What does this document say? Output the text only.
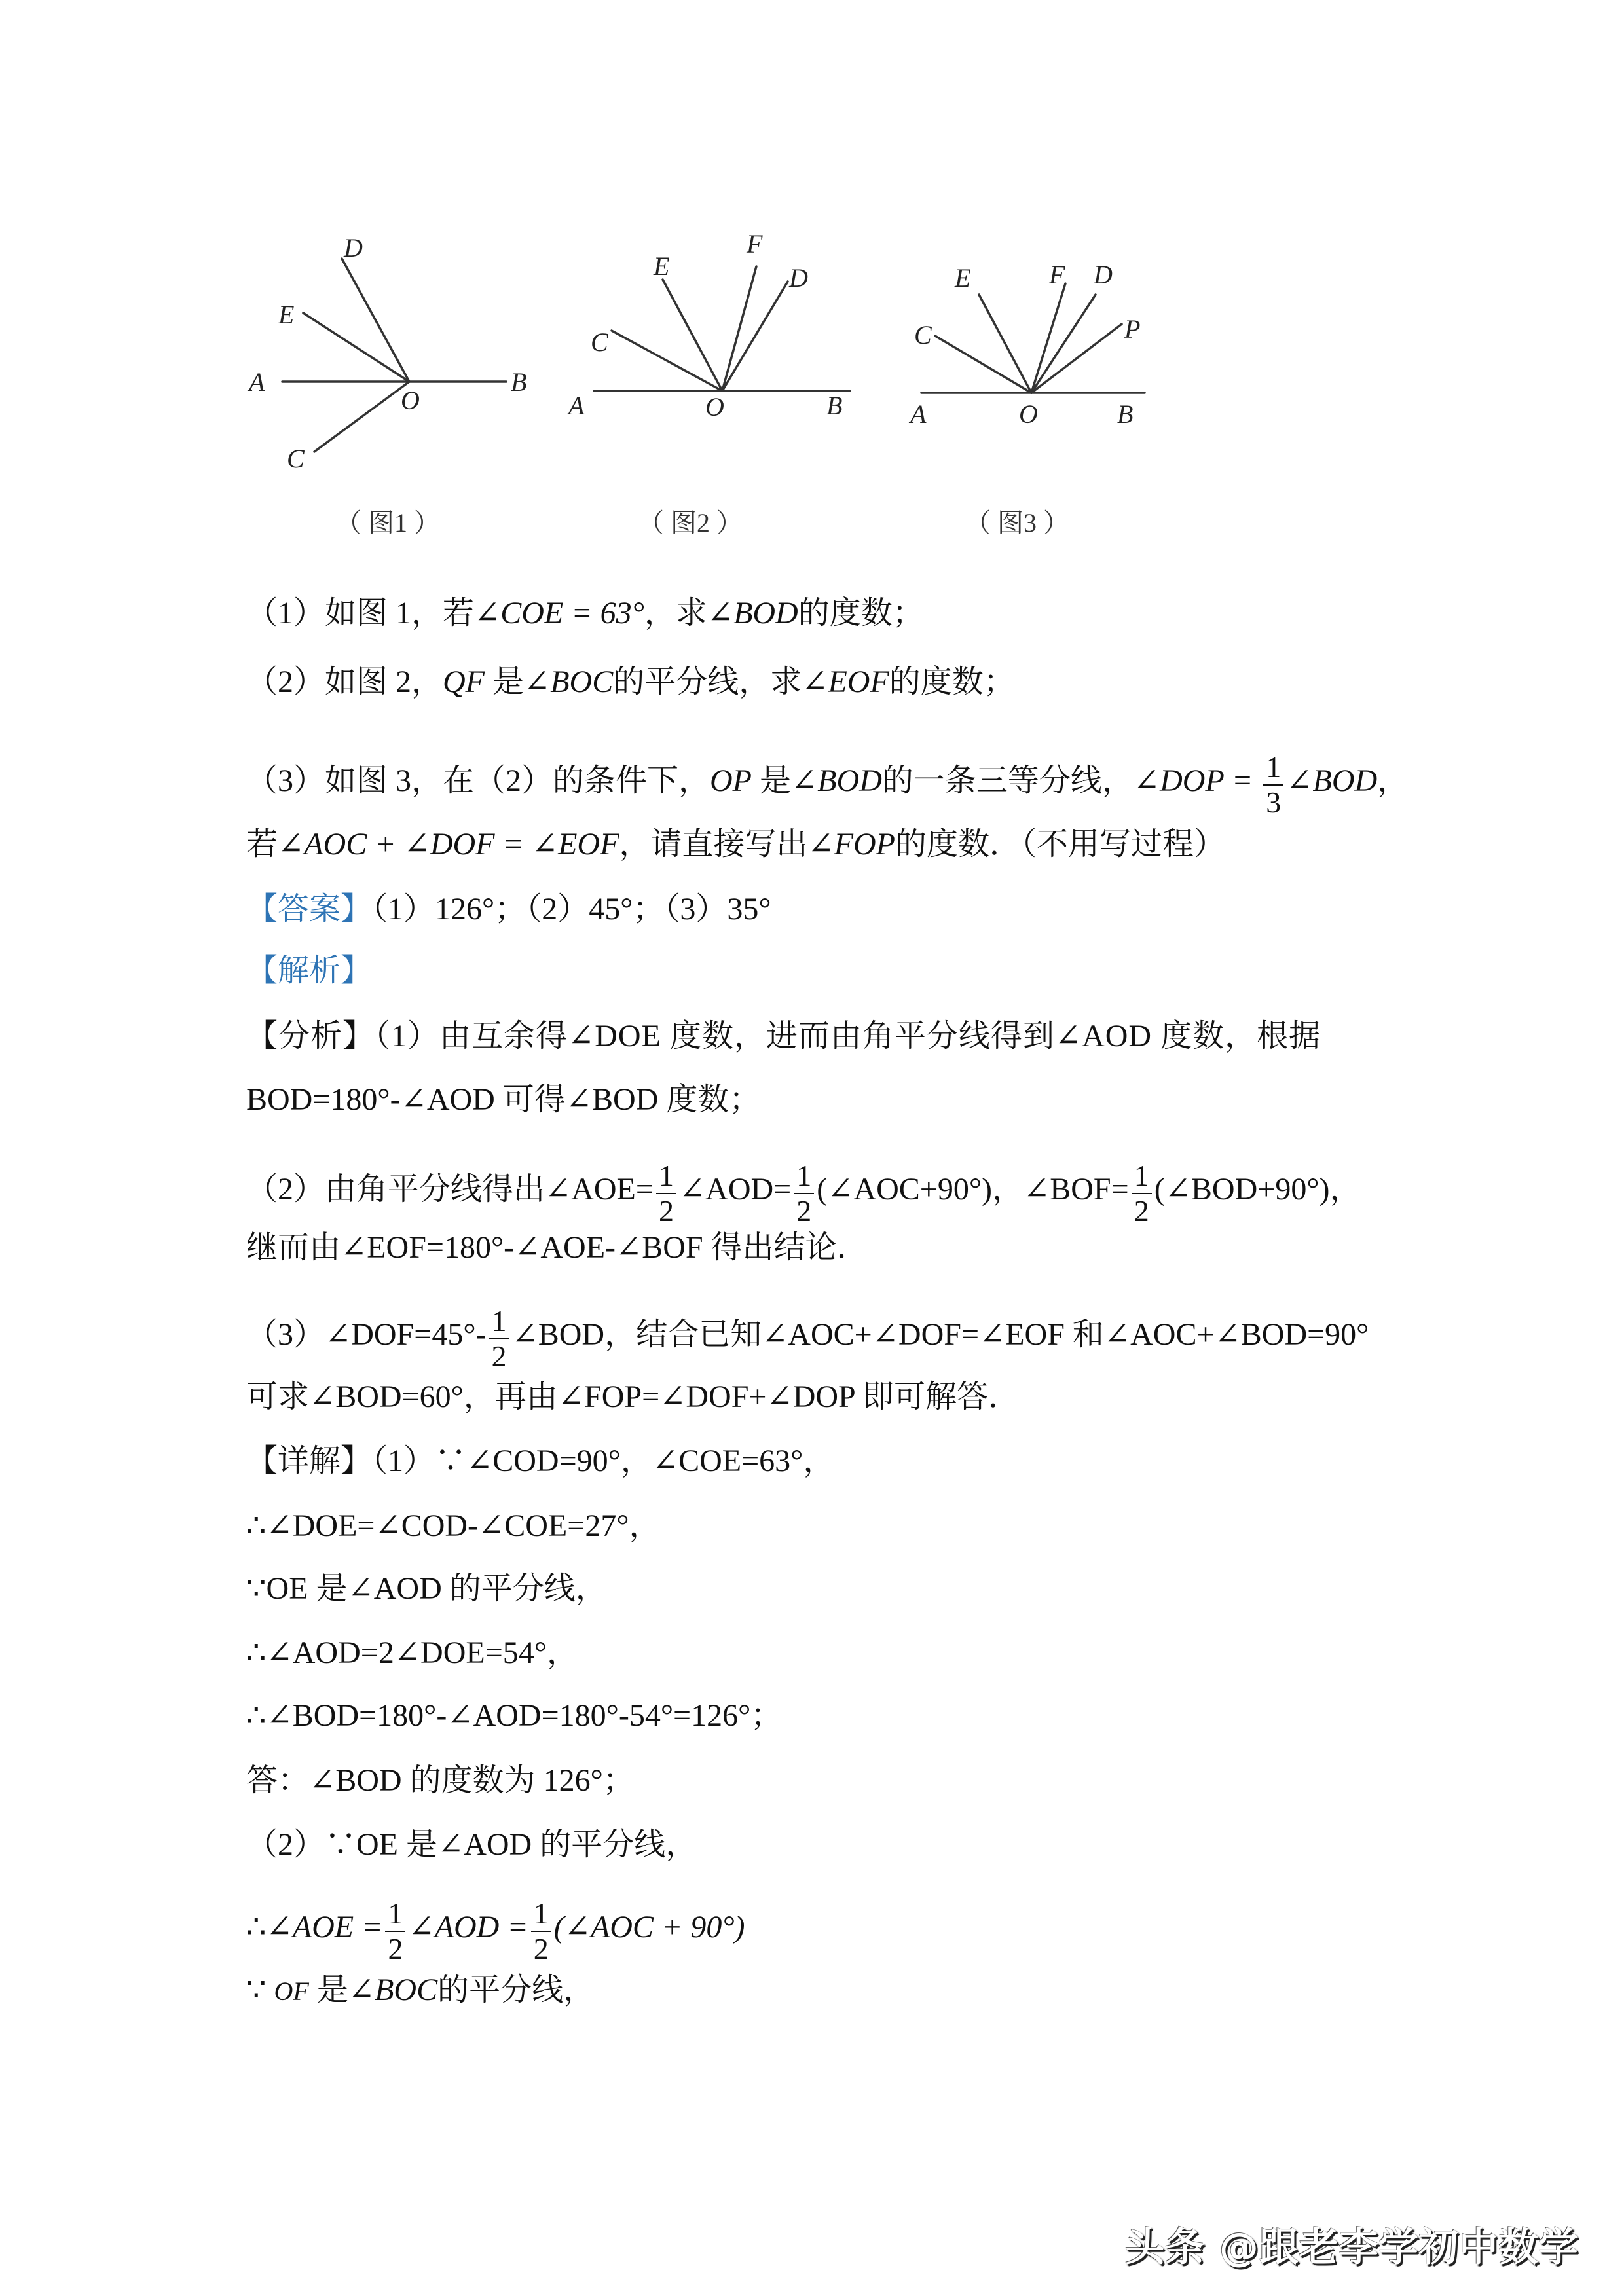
D
E
A	B
O
C
（ 图1 ）
E
F
D
C
A	O	B
（ 图2 ）
E	F D
C	P
A	O	B
（ 图3 ）
（1）如图 1，若∠COE = 63°，求∠BOD的度数；
（2）如图 2，QF 是∠BOC的平分线，求∠EOF的度数；
（3）如图 3，在（2）的条件下，OP 是∠BOD的一条三等分线，∠DOP = $\frac{1}{3}$ ∠BOD，
若∠AOC + ∠DOF = ∠EOF，请直接写出∠FOP的度数．（不用写过程）
【答案】（1）126°；（2）45°；（3）35°
【解析】
【分析】（1）由互余得∠DOE 度数，进而由角平分线得到∠AOD 度数，根据
BOD=180°-∠AOD 可得∠BOD 度数；
（2）由角平分线得出∠AOE= $\frac{1}{2}$ ∠AOD= $\frac{1}{2}$ (∠AOC+90°)，∠BOF= $\frac{1}{2}$ (∠BOD+90°)，
继而由∠EOF=180°-∠AOE-∠BOF 得出结论．
（3）∠DOF=45°- $\frac{1}{2}$ ∠BOD，结合已知∠AOC+∠DOF=∠EOF 和∠AOC+∠BOD=90°
可求∠BOD=60°，再由∠FOP=∠DOF+∠DOP 即可解答．
【详解】（1）∵∠COD=90°，∠COE=63°，
∴∠DOE=∠COD-∠COE=27°，
∵OE 是∠AOD 的平分线，
∴∠AOD=2∠DOE=54°，
∴∠BOD=180°-∠AOD=180°-54°=126°；
答：∠BOD 的度数为 126°；
（2）∵OE 是∠AOD 的平分线，
∴∠AOE = $\frac{1}{2}$ ∠AOD = $\frac{1}{2}$ (∠AOC + 90°)
∵ OF 是∠BOC的平分线，
头条 @跟老李学初中数学
